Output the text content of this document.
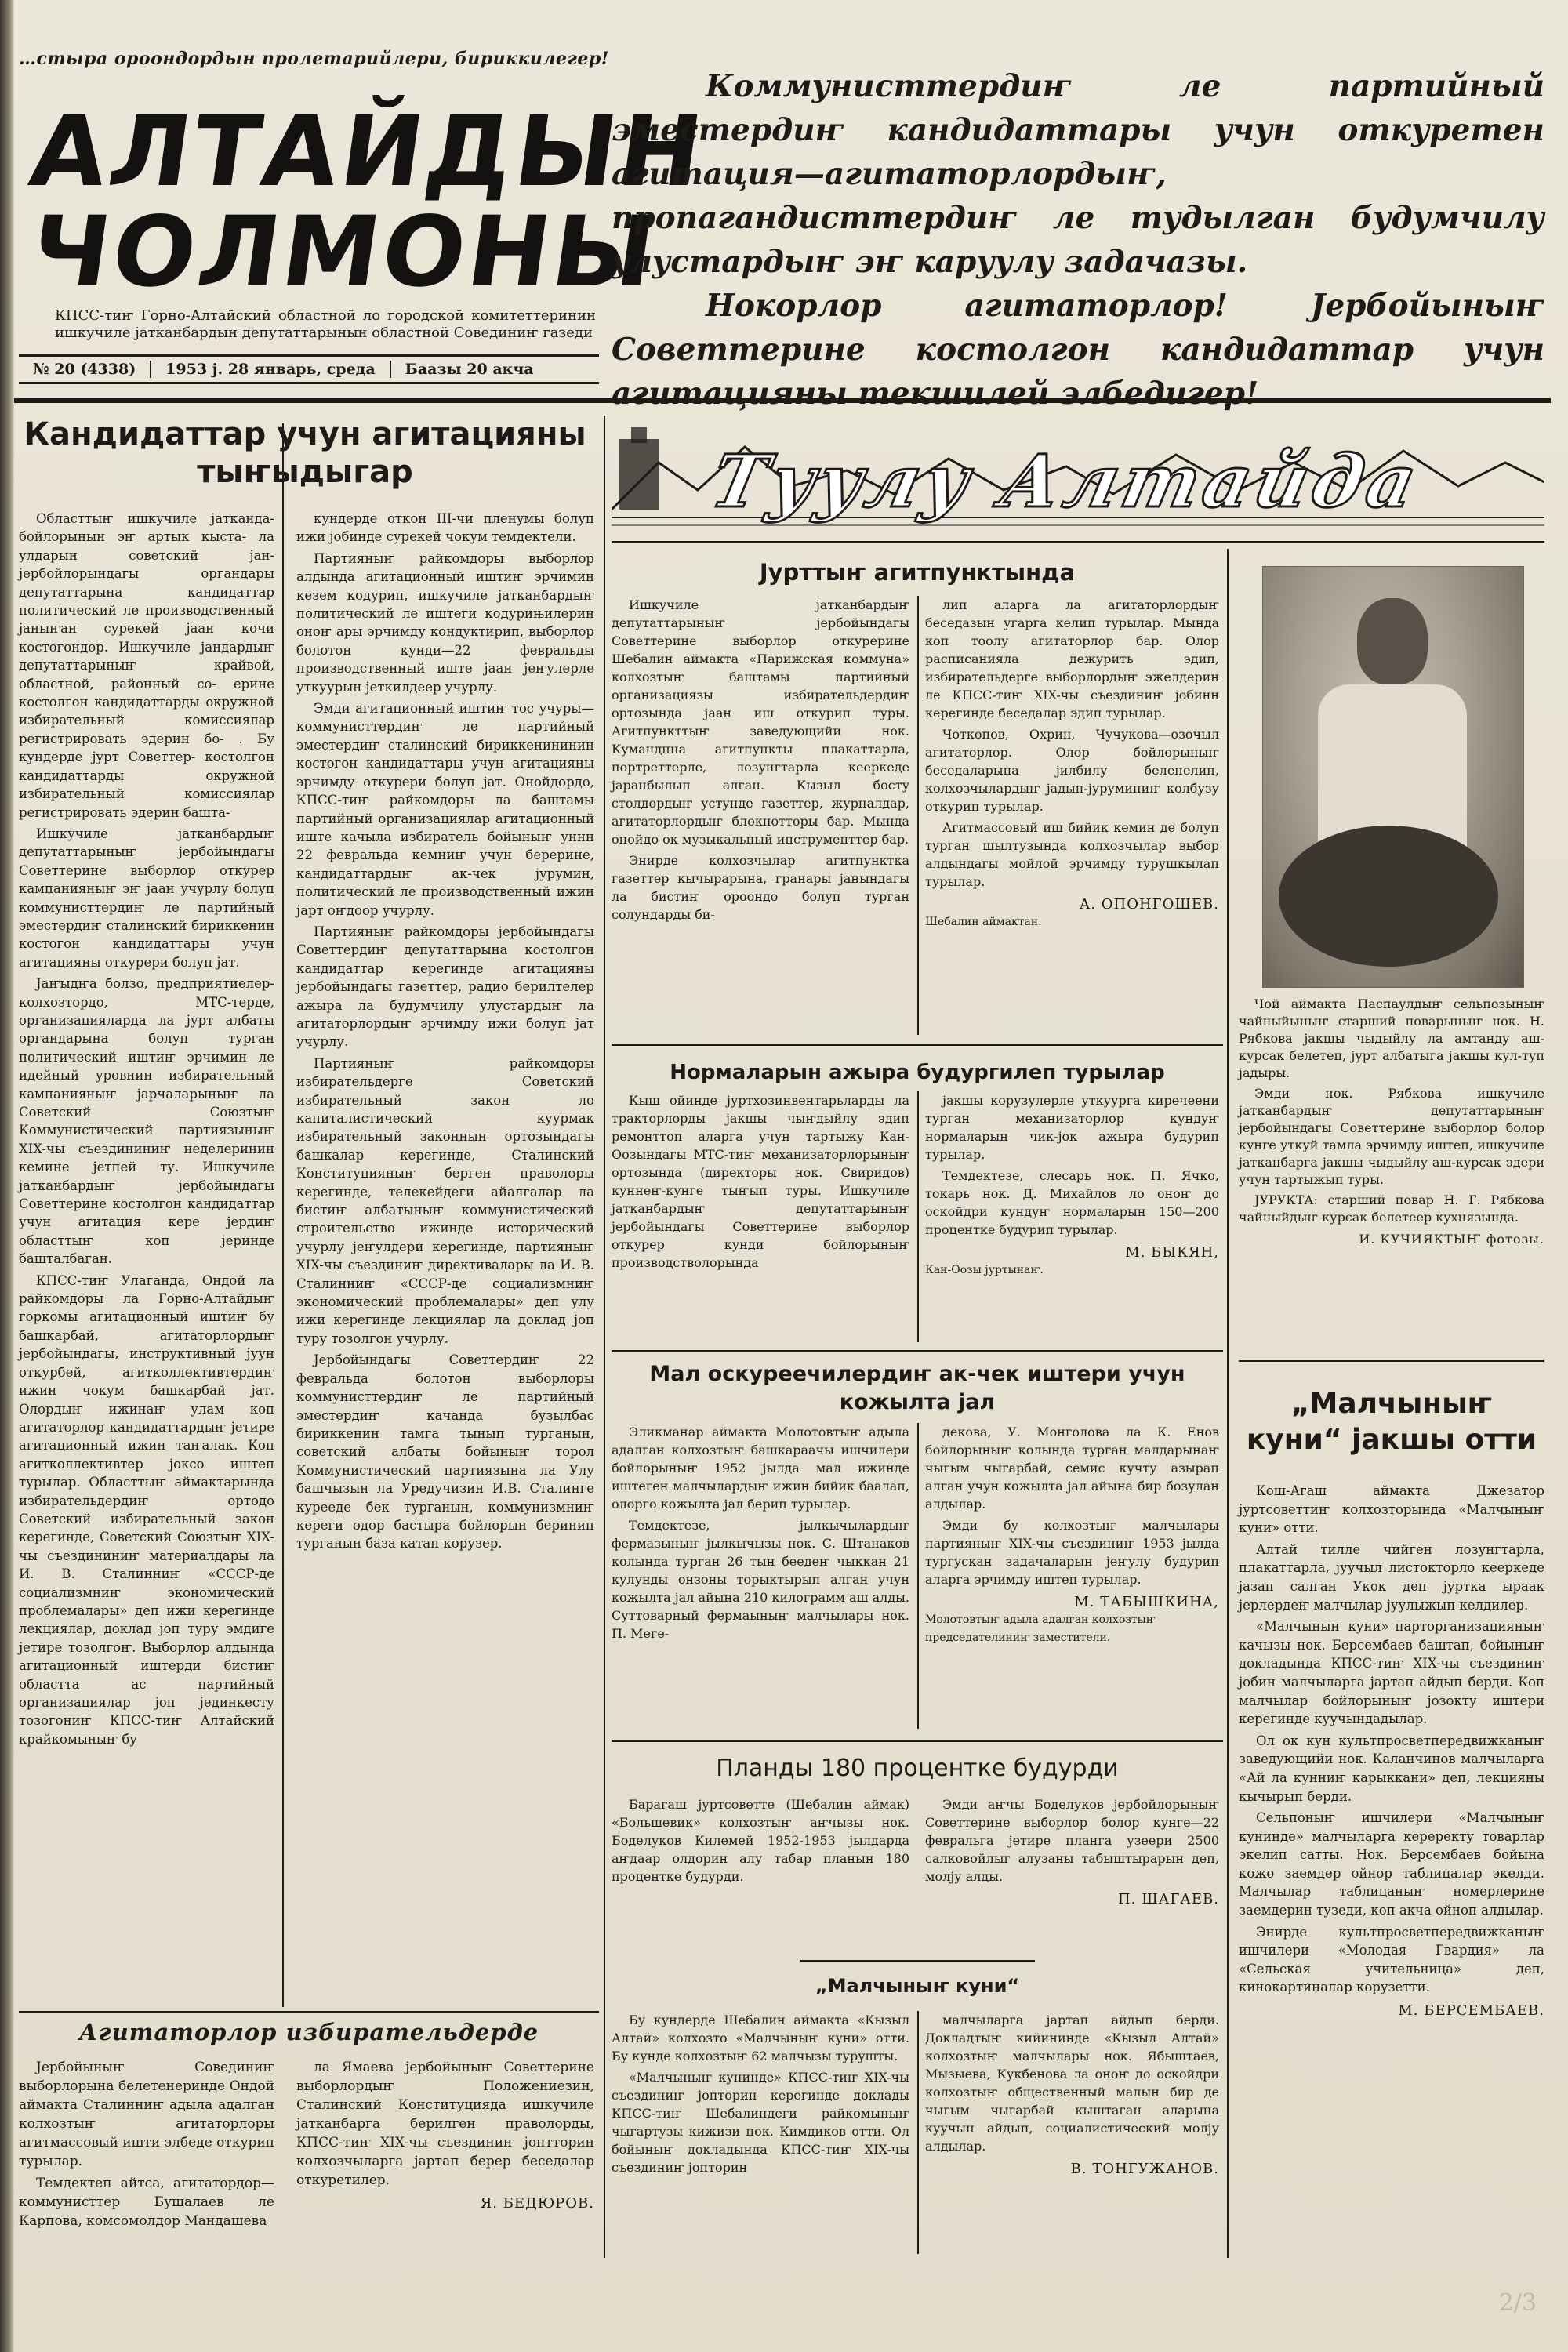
…стыра ороондордын пролетарийлери, бириккилегер!
АЛТАЙДЫН
ЧОЛМОНЫ
КПСС-тиҥ Горно-Алтайский областной ло городской комитеттеринин ишкучиле јатканбардын депутаттарынын областной Совединиҥ газеди
№ 20 (4338)	1953 ј. 28 январь, среда	Баазы 20 акча

Коммунисттердиҥ ле партийный эместердиҥ кандидаттары учун откуретен агитация—агитаторлордыҥ, пропагандисттердиҥ ле тудылган будумчилу улустардыҥ эҥ каруулу задачазы.

Нокорлор агитаторлор! Јербойыныҥ Советтерине костолгон кандидаттар учун агитацияны текшилей элбедигер!

Кандидаттар учун агитацияны тыҥыдыгар

Областтыҥ ишкучиле јатканда-бойлорынын эҥ артык кыста- ла улдарын советский јан- јербойлорындагы органдары депутаттарына кандидаттар политический ле производственный јаныҥан сурекей јаан кочи костогондор. Ишкучиле јандардыҥ депутаттарыныҥ крайвой, областной, районный со- ерине костолгон кандидаттарды окружной избирательный комиссиялар регистрировать эдерин бо- . Бу кундерде јурт Советтер- костолгон кандидаттарды окружной избирательный комиссиялар регистрировать эдерин башта-

Ишкучиле јатканбардыҥ депутаттарыныҥ јербойындагы Советтерине выборлор откурер кампанияныҥ эҥ јаан учурлу болуп коммунисттердиҥ ле партийный эместердиҥ сталинский бириккенин костогон кандидаттары учун агитацияны откурери болуп јат.

Јаҥыдҥа болзо, предприятиелер- колхозтордо, МТС-терде, организацияларда ла јурт албаты органдарына болуп турган политический иштиҥ эрчимин ле идейный уровнин избирательный кампанияныҥ јарчаларыныҥ ла Советский Союзтыҥ Коммунистический партиязыныҥ XIX-чы съездининиҥ неделеринин кемине јетпей ту. Ишкучиле јатканбардыҥ јербойындагы Советтерине костолгон кандидаттар учун агитация кере јердиҥ областтыҥ коп јеринде башталбаган.

КПСС-тиҥ Улаганда, Ондой ла райкомдоры ла Горно-Алтайдыҥ горкомы агитационный иштиҥ бу башкарбай, агитаторлордыҥ јербойындагы, инструктивный јуун откурбей, агитколлективтердиҥ ижин чокум башкарбай јат. Олордыҥ ижинаҥ улам коп агитаторлор кандидаттардыҥ јетире агитационный ижин таҥалак. Коп агитколлективтер јоксо иштеп турылар. Областтыҥ аймактарында избирательдердиҥ ортодо Советский избирательный закон керегинде, Советский Союзтыҥ XIX-чы съездининиҥ материалдары ла И. В. Сталинниҥ «СССР-де социализмниҥ экономический проблемалары» деп ижи керегинде лекциялар, доклад jоп туру эмдиге јетире тозолгоҥ. Выборлор алдында агитационный иштерди бистиҥ областта ас партийный организациялар јоп јединкесту тозогониҥ КПСС-тиҥ Алтайский крайкомыныҥ бу

кундерде откон III-чи пленумы болуп ижи јобинде сурекей чокум темдектели.

Партияныҥ райкомдоры выборлор алдында агитационный иштиҥ эрчимин кезем кодурип, ишкучиле јатканбардыҥ политический ле иштеги кодурињилерин оноҥ ары эрчимду кондуктирип, выборлор болотон кунди—22 февральды производственный иште јаан јеҥулерле уткуурын јеткилдеер учурлу.

Эмди агитационный иштиҥ тос учуры—коммунисттердиҥ ле партийный эместердиҥ сталинский бириккенининин костогон кандидаттары учун агитацияны эрчимду откурери болуп јат. Онойдордо, КПСС-тиҥ райкомдоры ла баштамы партийный организациялар агитационный иште качыла избиратель бойыныҥ уннн 22 февральда кемниҥ учун берерине, кандидаттардыҥ ак-чек јурумин, политический ле производственный ижин јарт оҥдоор учурлу.

Партияныҥ райкомдоры јербойындагы Советтердиҥ депутаттарына костолгон кандидаттар керегинде агитацияны јербойындагы газеттер, радио берилтелер ажыра ла будумчилу улустардыҥ ла агитаторлордыҥ эрчимду ижи болуп јат учурлу.

Партияныҥ райкомдоры избирательдерге Советский избирательный закон ло капиталистический куурмак избирательный законнын ортозындагы башкалар керегинде, Сталинский Конституцияныҥ берген праволоры керегинде, телекейдеги айалгалар ла бистиҥ албатыныҥ коммунистический строительство ижинде исторический учурлу јеҥулдери керегинде, партияныҥ XIX-чы съездиниҥ директивалары ла И. В. Сталинниҥ «СССР-де социализмниҥ экономический проблемалары» деп улу ижи керегинде лекциялар ла доклад јоп туру тозолгон учурлу.

Јербойындагы Советтердиҥ 22 февральда болотон выборлоры коммунисттердиҥ ле партийный эместердиҥ качанда бузылбас бириккенин тамга тынып турганын, советский албаты бойыныҥ торол Коммунистический партиязына ла Улу башчызын ла Уредучизин И.В. Сталинге курееде бек турганын, коммунизмниҥ кереги одор бастыра бойлорын беринип турганын база катап корузер.

Агитаторлор избирательдерде

Јербойыныҥ Совединиҥ выборлорына белетенеринде Ондой аймакта Сталинниҥ адыла адалган колхозтыҥ агитаторлоры агитмассовый ишти элбеде откурип турылар.

Темдектеп айтса, агитатордор—коммунисттер Бушалаев ле Карпова, комсомолдор Мандашева

ла Ямаева јербойыныҥ Советтерине выборлордыҥ Положениезин, Сталинский Конституцияда ишкучиле јатканбарга берилген праволорды, КПСС-тиҥ XIX-чы съездиниҥ јоптторин колхозчыларга јартап берер беседалар откуретилер.

Я. БЕДЮРОВ.
Туулу Алтайда
Јурттыҥ агитпунктында

Ишкучиле јатканбардыҥ депутаттарыныҥ јербойындагы Советтерине выборлор откурерине Шебалин аймакта «Парижская коммуна» колхозтыҥ баштамы партийный организациязы избирательдердиҥ ортозында јаан иш откурип туры. Агитпункттыҥ заведующийи нок. Куманднна агитпункты плакаттарла, портреттерле, лозунгтарла кееркеде јаранбылып алган. Кызыл босту столдордыҥ устунде газеттер, журналдар, агитаторлордыҥ блокнотторы бар. Мында онойдо ок музыкальный инструменттер бар.

Энирде колхозчылар агитпунктка газеттер кычырарына, гранары јанындагы ла бистиҥ ороондо болуп турган солундарды би-

лип аларга ла агитаторлордыҥ беседазын угарга келип турылар. Мында коп тоолу агитаторлор бар. Олор расписанияла дежурить эдип, избирательдерге выборлордыҥ эжелдерин ле КПСС-тиҥ XIX-чы съездиниҥ јобинн керегинде беседалар эдип турылар.

Чоткопов, Охрин, Чучукова—озочыл агитаторлор. Олор бойлорыныҥ беседаларына јилбилу беленелип, колхозчылардыҥ јадын-јуруминиҥ колбузу откурип турылар.

Агитмассовый иш бийик кемин де болуп турган шылтузында колхозчылар выбор алдындагы мойлой эрчимду турушкылап турылар.

А. ОПОНГОШЕВ.
Шебалин аймактан.
Нормаларын ажыра будургилеп турылар

Кыш ойинде јуртхозинвентарьларды ла тракторлорды јакшы чыҥдыйлу эдип ремонттоп аларга учун тартыжу Кан-Оозындагы МТС-тиҥ механизаторлорыныҥ ортозында (директоры нок. Свиридов) куннеҥ-кунге тыҥып туры. Ишкучиле јатканбардыҥ депутаттарыныҥ јербойындагы Советтерине выборлор откурер кунди бойлорыныҥ производстволорында

јакшы корузулерле уткуурга киречеени турган механизаторлор кундуҥ нормаларын чик-јок ажыра будурип турылар.

Темдектезе, слесарь нок. П. Ячко, токарь нок. Д. Михайлов ло оноҥ до оскойдри кундуҥ нормаларын 150—200 процентке будурип турылар.

М. БЫКЯН,
Кан-Оозы јуртынаҥ.
Мал оскуреечилердиҥ ак-чек иштери учун кожылта јал

Эликманар аймакта Молотовтыҥ адыла адалган колхозтыҥ башкараачы ишчилери бойлорыныҥ 1952 јылда мал ижинде иштеген малчылардыҥ ижин бийик баалап, олорго кожылта јал берип турылар.

Темдектезе, јылкычылардыҥ фермазыныҥ јылкычызы нок. С. Штанаков колында турган 26 тын беедеҥ чыккан 21 кулунды онзоны торыктырып алган учун кожылта јал айына 210 килограмм аш алды. Суттоварный фермаыныҥ малчылары нок. П. Меге-

декова, У. Монголова ла К. Енов бойлорыныҥ колында турган малдарынаҥ чыгым чыгарбай, семис кучту азырап алган учун кожылта јал айына бир бозулан алдылар.

Эмди бу колхозтыҥ малчылары партияныҥ XIX-чы съездиниҥ 1953 јылда тургускан задачаларын јеҥулу будурип аларга эрчимду иштеп турылар.

М. ТАБЫШКИНА,
Молотовтыҥ адыла адалган колхозтыҥ председателиниҥ заместители.
Планды 180 процентке будурди

Барагаш јуртсоветте (Шебалин аймак) «Большевик» колхозтыҥ аҥчызы нок. Боделуков Килемей 1952-1953 јылдарда аҥдаар олдорин алу табар планын 180 процентке будурди.

Эмди аҥчы Боделуков јербойлорыныҥ Советтерине выборлор болор кунге—22 февральга јетире планга узеери 2500 салковойлыг алузаны табыштырарын деп, молју алды.

П. ШАГАЕВ.
„Малчыныҥ куни“

Бу кундерде Шебалин аймакта «Кызыл Алтай» колхозто «Малчыныҥ куни» отти. Бу кунде колхозтыҥ 62 малчызы турушты.

«Малчыныҥ кунинде» КПСС-тиҥ XIX-чы съездиниҥ јопторин керегинде доклады КПСС-тиҥ Шебалиндеги райкомыныҥ чыгартузы кижизи нок. Кимдиков отти. Ол бойыныҥ докладында КПСС-тиҥ XIX-чы съездиниҥ јопторин

малчыларга јартап айдып берди. Докладтыҥ кийининде «Кызыл Алтай» колхозтыҥ малчылары нок. Ябыштаев, Мызыева, Кукбенова ла оноҥ до оскойдри колхозтыҥ общественный малын бир де чыгым чыгарбай кыштаган аларына куучын айдып, социалистический молју алдылар.

В. ТОНГУЖАНОВ.

Чой аймакта Паспаулдыҥ сельпозыныҥ чайныйыныҥ старший поварыныҥ нок. Н. Рябкова јакшы чыдыйлу ла амтанду аш-курсак белетеп, јурт албатыга јакшы кул-туп јадыры.

Эмди нок. Рябкова ишкучиле јатканбардыҥ депутаттарыныҥ јербойындагы Советтерине выборлор болор кунге уткуй тамла эрчимду иштеп, ишкучиле јатканбарга јакшы чыдыйлу аш-курсак эдери учун тартыжып туры.

ЈУРУКТА: старший повар Н. Г. Рябкова чайныйдыҥ курсак белетеер кухнязында.

И. КУЧИЯКТЫҤ фотозы.
„Малчыныҥ куни“ јакшы отти

Кош-Агаш аймакта Джезатор јуртсоветтиҥ колхозторында «Малчыныҥ куни» отти.

Алтай тилле чийген лозунгтарла, плакаттарла, јуучыл листокторло кееркеде јазап салган Укок деп јуртка ыраак јерлердеҥ малчылар јуулыжып келдилер.

«Малчыныҥ куни» парторганизацияныҥ качызы нок. Берсембаев баштап, бойыныҥ докладында КПСС-тиҥ XIX-чы съездиниҥ јобин малчыларга јартап айдып берди. Коп малчылар бойлорыныҥ јозокту иштери керегинде куучындадылар.

Ол ок кун культпросветпередвижканыҥ заведующийи нок. Каланчинов малчыларга «Ай ла кунниҥ карыккани» деп, лекцияны кычырып берди.

Сельпоныҥ ишчилери «Малчыныҥ кунинде» малчыларга кереректу товарлар экелип сатты. Нок. Берсембаев бойына кожо заемдер ойнор таблицалар экелди. Малчылар таблицаныҥ номерлерине заемдерин тузеди, коп акча ойноп алдылар.

Энирде культпросветпередвижканыҥ ишчилери «Молодая Гвардия» ла «Сельская учительница» деп, кинокартиналар корузетти.

М. БЕРСЕМБАЕВ.
2/3
